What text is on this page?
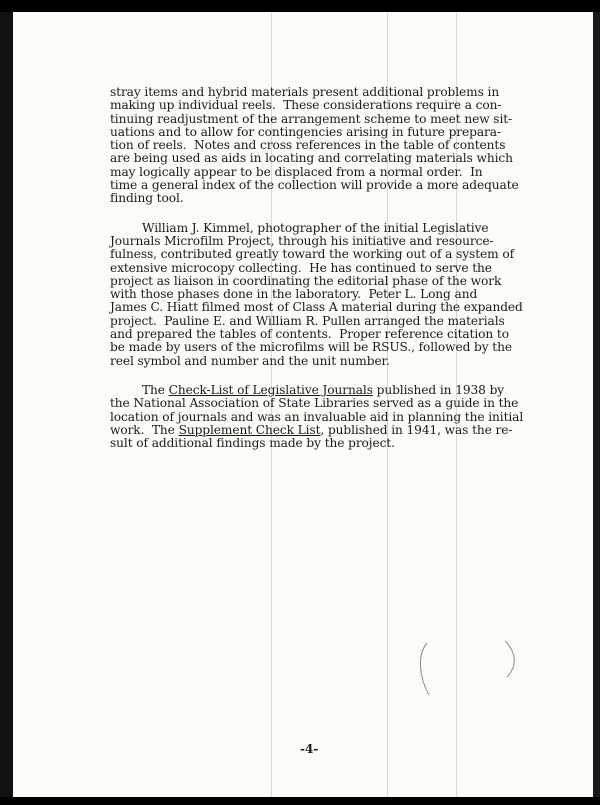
stray items and hybrid materials present additional problems in
making up individual reels.  These considerations require a con-
tinuing readjustment of the arrangement scheme to meet new sit-
uations and to allow for contingencies arising in future prepara-
tion of reels.  Notes and cross references in the table of contents
are being used as aids in locating and correlating materials which
may logically appear to be displaced from a normal order.  In
time a general index of the collection will provide a more adequate
finding tool.
William J. Kimmel, photographer of the initial Legislative
Journals Microfilm Project, through his initiative and resource-
fulness, contributed greatly toward the working out of a system of
extensive microcopy collecting.  He has continued to serve the
project as liaison in coordinating the editorial phase of the work
with those phases done in the laboratory.  Peter L. Long and
James C. Hiatt filmed most of Class A material during the expanded
project.  Pauline E. and William R. Pullen arranged the materials
and prepared the tables of contents.  Proper reference citation to
be made by users of the microfilms will be RSUS., followed by the
reel symbol and number and the unit number.
The Check-List of Legislative Journals published in 1938 by
the National Association of State Libraries served as a guide in the
location of journals and was an invaluable aid in planning the initial
work.  The Supplement Check List, published in 1941, was the re-
sult of additional findings made by the project.
-4-
